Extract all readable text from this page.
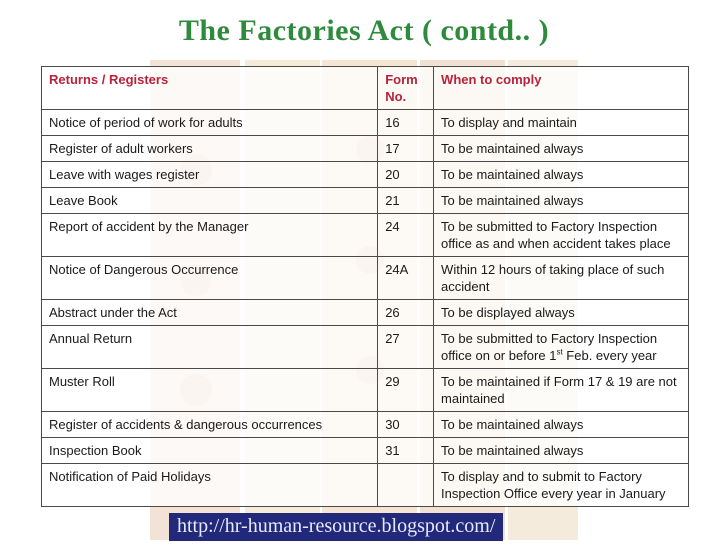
The Factories Act ( contd.. )
Returns / Registers	Form No.	When to comply
Notice of period of work for adults	16	To display and maintain
Register of adult workers	17	To be maintained always
Leave with wages register	20	To be maintained always
Leave Book	21	To be maintained always
Report of accident by the Manager	24	To be submitted to Factory Inspection office as and when accident takes place
Notice of Dangerous Occurrence	24A	Within 12 hours of taking place of such accident
Abstract under the Act	26	To be displayed always
Annual Return	27	To be submitted to Factory Inspection office on or before 1st Feb. every year
Muster Roll	29	To be maintained if Form 17 & 19 are not maintained
Register of accidents & dangerous occurrences	30	To be maintained always
Inspection Book	31	To be maintained always
Notification of Paid Holidays		To display and to submit to Factory Inspection Office every year in January
http://hr-human-resource.blogspot.com/
